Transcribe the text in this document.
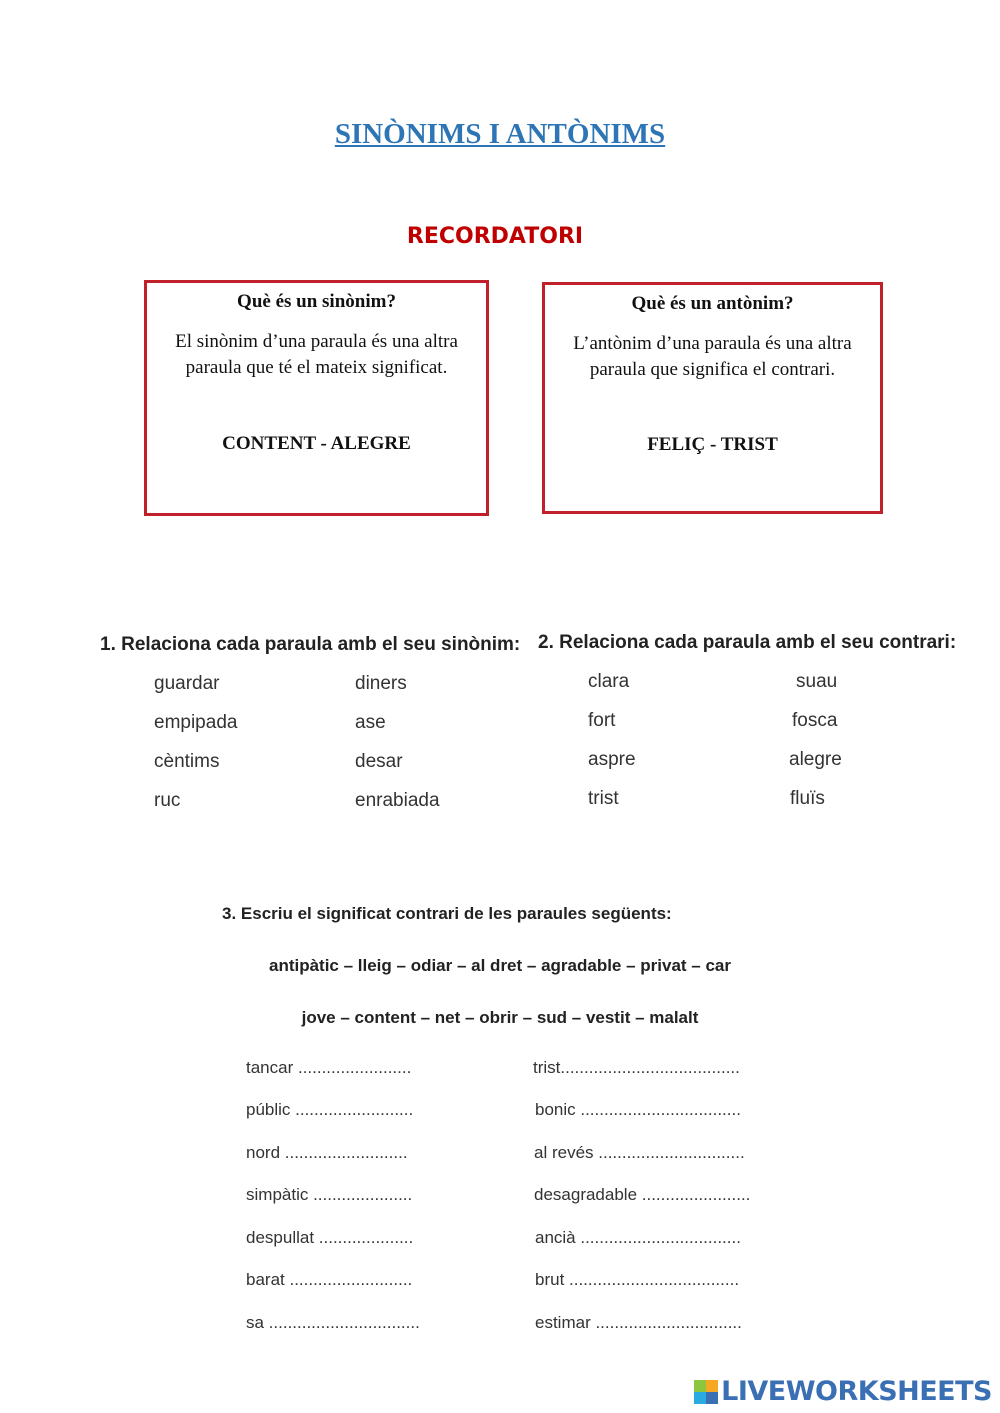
SINÒNIMS I ANTÒNIMS
RECORDATORI
Què és un sinònim?
El sinònim d’una paraula és una altra paraula que té el mateix significat.
CONTENT - ALEGRE
Què és un antònim?
L’antònim d’una paraula és una altra paraula que significa el contrari.
FELIÇ - TRIST
1. Relaciona cada paraula amb el seu sinònim:
guardar
empipada
cèntims
ruc
diners
ase
desar
enrabiada
2. Relaciona cada paraula amb el seu contrari:
clara
fort
aspre
trist
suau
fosca
alegre
fluïs
3. Escriu el significat contrari de les paraules següents:
antipàtic – lleig – odiar – al dret – agradable – privat – car
jove – content – net – obrir – sud – vestit – malalt
tancar ........................
públic .........................
nord ..........................
simpàtic .....................
despullat ....................
barat ..........................
sa ................................
trist......................................
bonic ..................................
al revés ...............................
desagradable .......................
ancià ..................................
brut ....................................
estimar ...............................
LIVEWORKSHEETS
